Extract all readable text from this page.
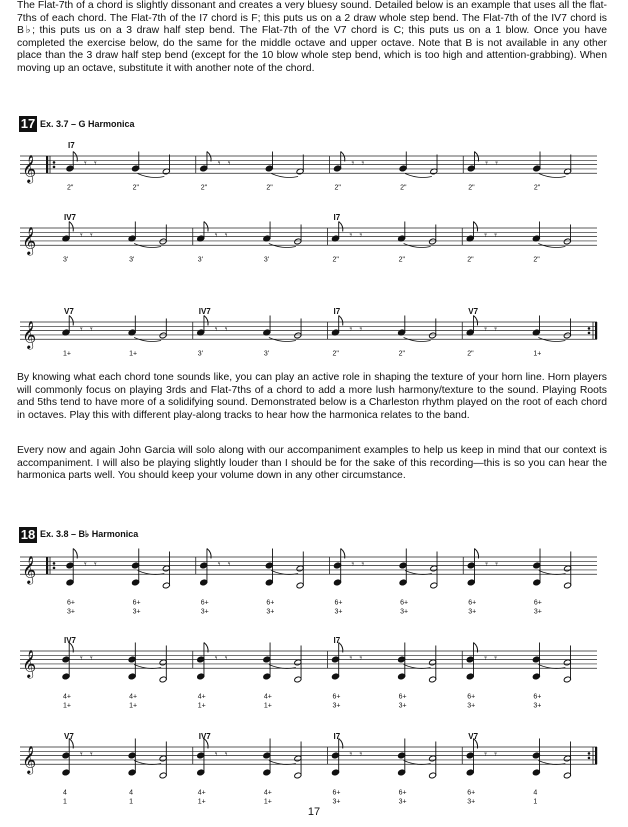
The Flat-7th of a chord is slightly dissonant and creates a very bluesy sound. Detailed below is an example that uses all the flat-7ths of each chord. The Flat-7th of the I7 chord is F; this puts us on a 2 draw whole step bend. The Flat-7th of the IV7 chord is B♭; this puts us on a 3 draw half step bend. The Flat-7th of the V7 chord is C; this puts us on a 1 blow. Once you have completed the exercise below, do the same for the middle octave and upper octave. Note that B is not available in any other place than the 3 draw half step bend (except for the 10 blow whole step bend, which is too high and attention-grabbing). When moving up an octave, substitute it with another note of the chord.

17 Ex. 3.7 – G Harmonica
𝄞
I7
𝄾 𝄾
2"	2"
𝄾 𝄾
2"	2"
𝄾 𝄾
2"	2"
𝄾 𝄾
2"	2"
𝄞
IV7
𝄾 𝄾
3'	3'
𝄾 𝄾
3'	3'
I7
𝄾 𝄾
2"	2"
𝄾 𝄾
2"	2"
𝄞
V7
𝄾 𝄾
1+	1+
IV7
𝄾 𝄾
3'	3'
I7
𝄾 𝄾
2"	2"
V7
𝄾 𝄾
2"	1+
𝄞	𝄾 𝄾
6+
3+
6+
3+
𝄾 𝄾
6+
3+
6+
3+
𝄾 𝄾
6+
3+
6+
3+
𝄾 𝄾
6+
3+
6+
3+
𝄞
IV7
𝄾 𝄾
4+
1+
4+
1+
𝄾 𝄾
4+
1+
4+
1+
I7
𝄾 𝄾
6+
3+
6+
3+
𝄾 𝄾
6+
3+
6+
3+
𝄞
V7
𝄾 𝄾
4
1
4
1
IV7
𝄾 𝄾
4+
1+
4+
1+
I7
𝄾 𝄾
6+
3+
6+
3+
V7
𝄾 𝄾
6+
3+
4
1

By knowing what each chord tone sounds like, you can play an active role in shaping the texture of your horn line. Horn players will commonly focus on playing 3rds and Flat-7ths of a chord to add a more lush harmony/texture to the sound. Playing Roots and 5ths tend to have more of a solidifying sound. Demonstrated below is a Charleston rhythm played on the root of each chord in octaves. Play this with different play-along tracks to hear how the harmonica relates to the band.

Every now and again John Garcia will solo along with our accompaniment examples to help us keep in mind that our context is accompaniment. I will also be playing slightly louder than I should be for the sake of this recording—this is so you can hear the harmonica parts well. You should keep your volume down in any other circumstance.

18 Ex. 3.8 – B♭ Harmonica
17
